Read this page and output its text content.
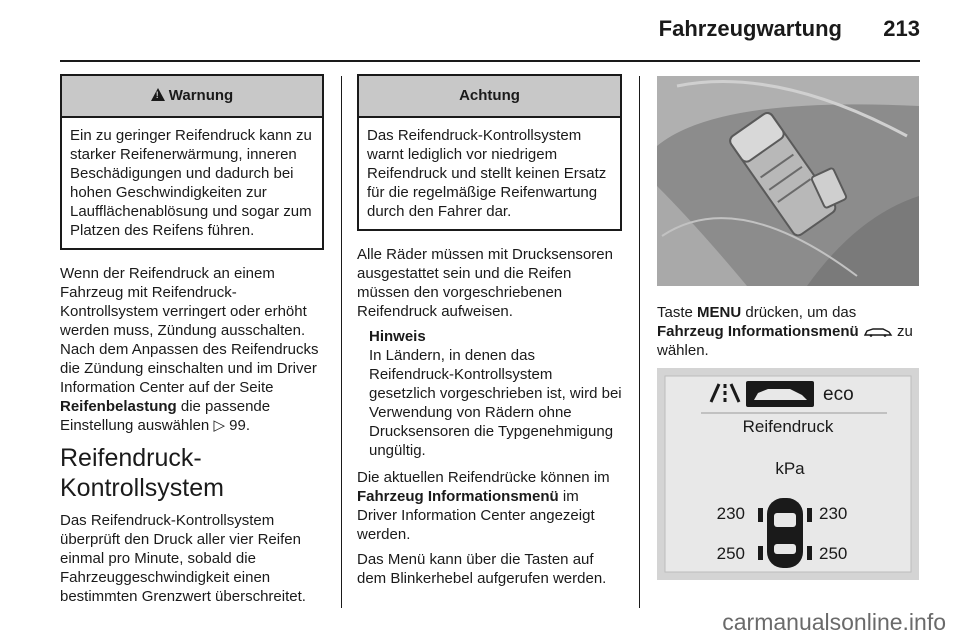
Fahrzeugwartung 213
! Warnung
Ein zu geringer Reifendruck kann zu starker Reifenerwärmung, inneren Beschädigungen und dadurch bei hohen Geschwindigkeiten zur Laufflächenablösung und sogar zum Platzen des Reifens führen.

Wenn der Reifendruck an einem Fahrzeug mit Reifendruck-Kontrollsystem verringert oder erhöht werden muss, Zündung ausschalten. Nach dem Anpassen des Reifendrucks die Zündung einschalten und im Driver Information Center auf der Seite Reifenbelastung die passende Einstellung auswählen ▷ 99.

Reifendruck-Kontrollsystem

Das Reifendruck-Kontrollsystem überprüft den Druck aller vier Reifen einmal pro Minute, sobald die Fahrzeuggeschwindigkeit einen bestimmten Grenzwert überschreitet.

Achtung
Das Reifendruck-Kontrollsystem warnt lediglich vor niedrigem Reifendruck und stellt keinen Ersatz für die regelmäßige Reifenwartung durch den Fahrer dar.

Alle Räder müssen mit Drucksensoren ausgestattet sein und die Reifen müssen den vorgeschriebenen Reifendruck aufweisen.

Hinweis
In Ländern, in denen das Reifendruck-Kontrollsystem gesetzlich vorgeschrieben ist, wird bei Verwendung von Rädern ohne Drucksensoren die Typgenehmigung ungültig.

Die aktuellen Reifendrücke können im Fahrzeug Informationsmenü im Driver Information Center angezeigt werden.

Das Menü kann über die Tasten auf dem Blinkerhebel aufgerufen werden.

Taste MENU drücken, um das Fahrzeug Informationsmenü	zu wählen.

eco
Reifendruck
kPa
230	230
250	250
carmanualsonline.info
